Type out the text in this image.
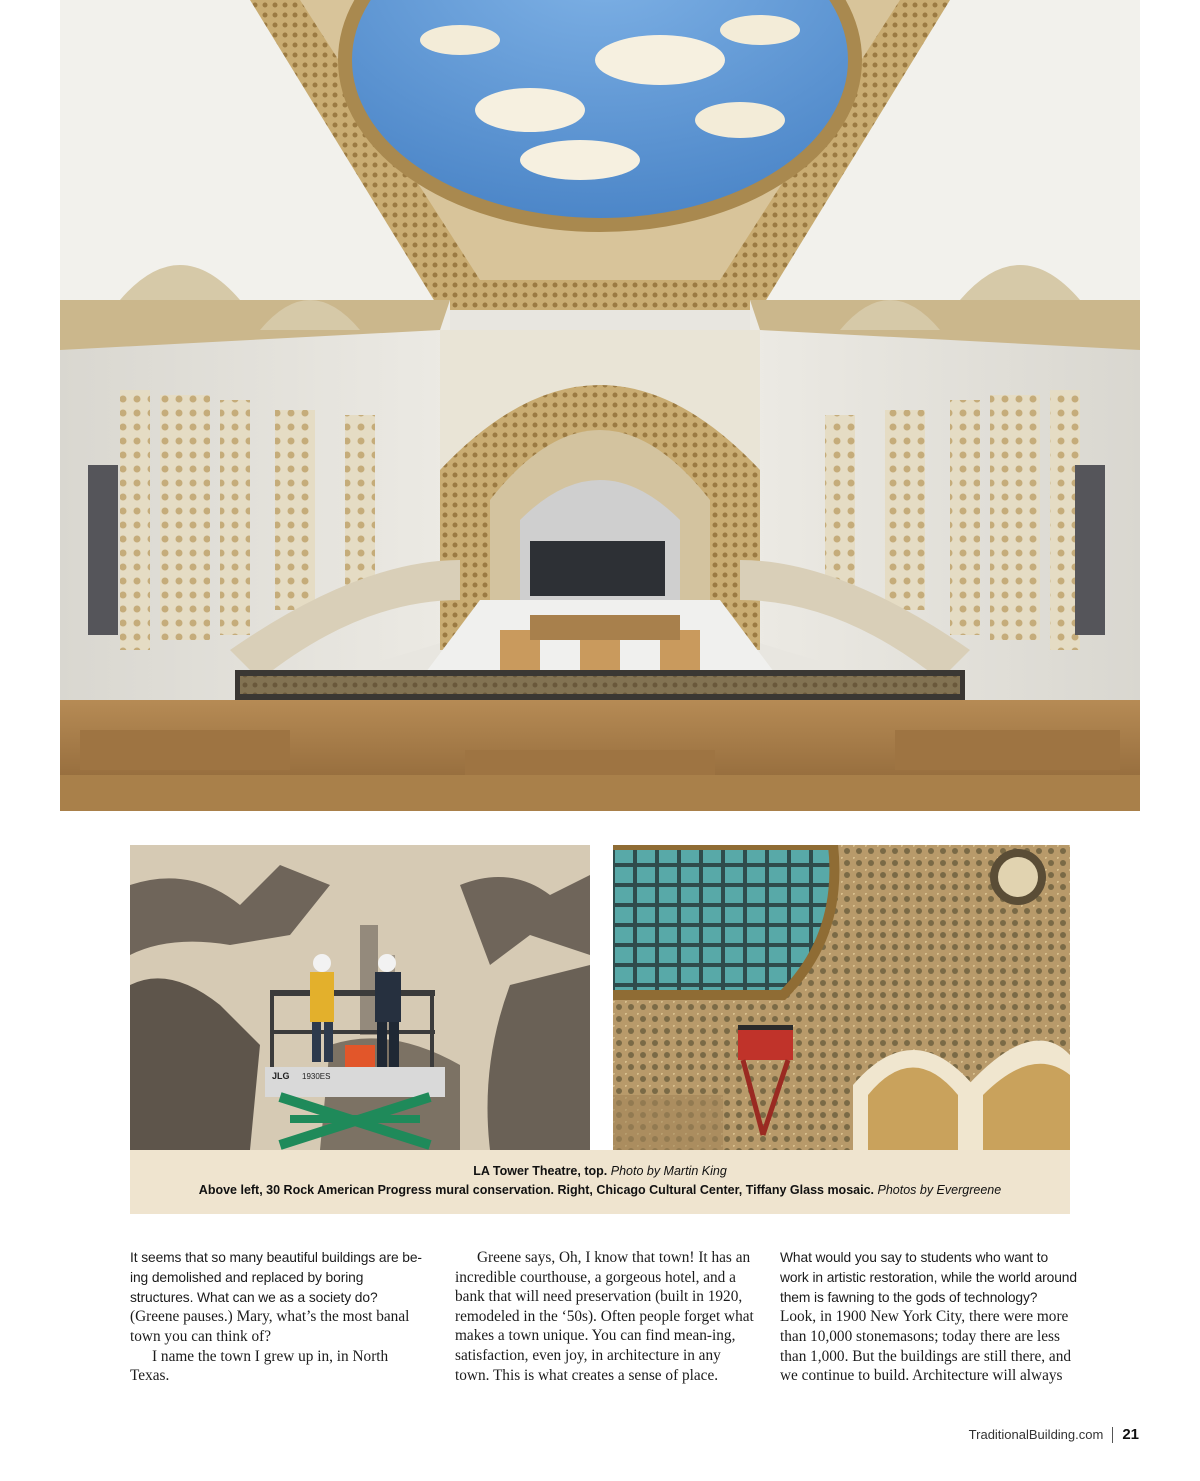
JLG 1930ES
LA Tower Theatre, top. Photo by Martin King
Above left, 30 Rock American Progress mural conservation. Right, Chicago Cultural Center, Tiffany Glass mosaic. Photos by Evergreene

It seems that so many beautiful buildings are be-ing demolished and replaced by boring structures. What can we as a society do?

(Greene pauses.) Mary, what’s the most banal town you can think of?

I name the town I grew up in, in North Texas.

Greene says, Oh, I know that town! It has an incredible courthouse, a gorgeous hotel, and a bank that will need preservation (built in 1920, remodeled in the ‘50s). Often people forget what makes a town unique. You can find mean-ing, satisfaction, even joy, in architecture in any town. This is what creates a sense of place.

What would you say to students who want to work in artistic restoration, while the world around them is fawning to the gods of technology?

Look, in 1900 New York City, there were more than 10,000 stonemasons; today there are less than 1,000. But the buildings are still there, and we continue to build. Architecture will always

TraditionalBuilding.com 21
